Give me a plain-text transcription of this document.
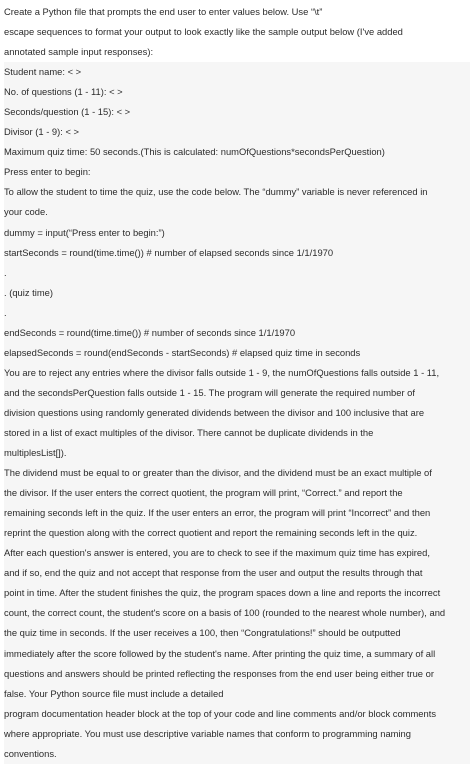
Create a Python file that prompts the end user to enter values below. Use “\t”
escape sequences to format your output to look exactly like the sample output below (I've added
annotated sample input responses):
Student name: < >
No. of questions (1 - 11): < >
Seconds/question (1 - 15): < >
Divisor (1 - 9): < >
Maximum quiz time: 50 seconds.(This is calculated: numOfQuestions*secondsPerQuestion)
Press enter to begin:
To allow the student to time the quiz, use the code below. The “dummy” variable is never referenced in
your code.
dummy = input(“Press enter to begin:”)
startSeconds = round(time.time()) # number of elapsed seconds since 1/1/1970
.
. (quiz time)
.
endSeconds = round(time.time()) # number of seconds since 1/1/1970
elapsedSeconds = round(endSeconds - startSeconds) # elapsed quiz time in seconds
You are to reject any entries where the divisor falls outside 1 - 9, the numOfQuestions falls outside 1 - 11,
and the secondsPerQuestion falls outside 1 - 15. The program will generate the required number of
division questions using randomly generated dividends between the divisor and 100 inclusive that are
stored in a list of exact multiples of the divisor. There cannot be duplicate dividends in the
multiplesList[]).
The dividend must be equal to or greater than the divisor, and the dividend must be an exact multiple of
the divisor. If the user enters the correct quotient, the program will print, “Correct.” and report the
remaining seconds left in the quiz. If the user enters an error, the program will print “Incorrect” and then
reprint the question along with the correct quotient and report the remaining seconds left in the quiz.
After each question's answer is entered, you are to check to see if the maximum quiz time has expired,
and if so, end the quiz and not accept that response from the user and output the results through that
point in time. After the student finishes the quiz, the program spaces down a line and reports the incorrect
count, the correct count, the student's score on a basis of 100 (rounded to the nearest whole number), and
the quiz time in seconds. If the user receives a 100, then “Congratulations!” should be outputted
immediately after the score followed by the student's name. After printing the quiz time, a summary of all
questions and answers should be printed reflecting the responses from the end user being either true or
false. Your Python source file must include a detailed
program documentation header block at the top of your code and line comments and/or block comments
where appropriate. You must use descriptive variable names that conform to programming naming
conventions.
